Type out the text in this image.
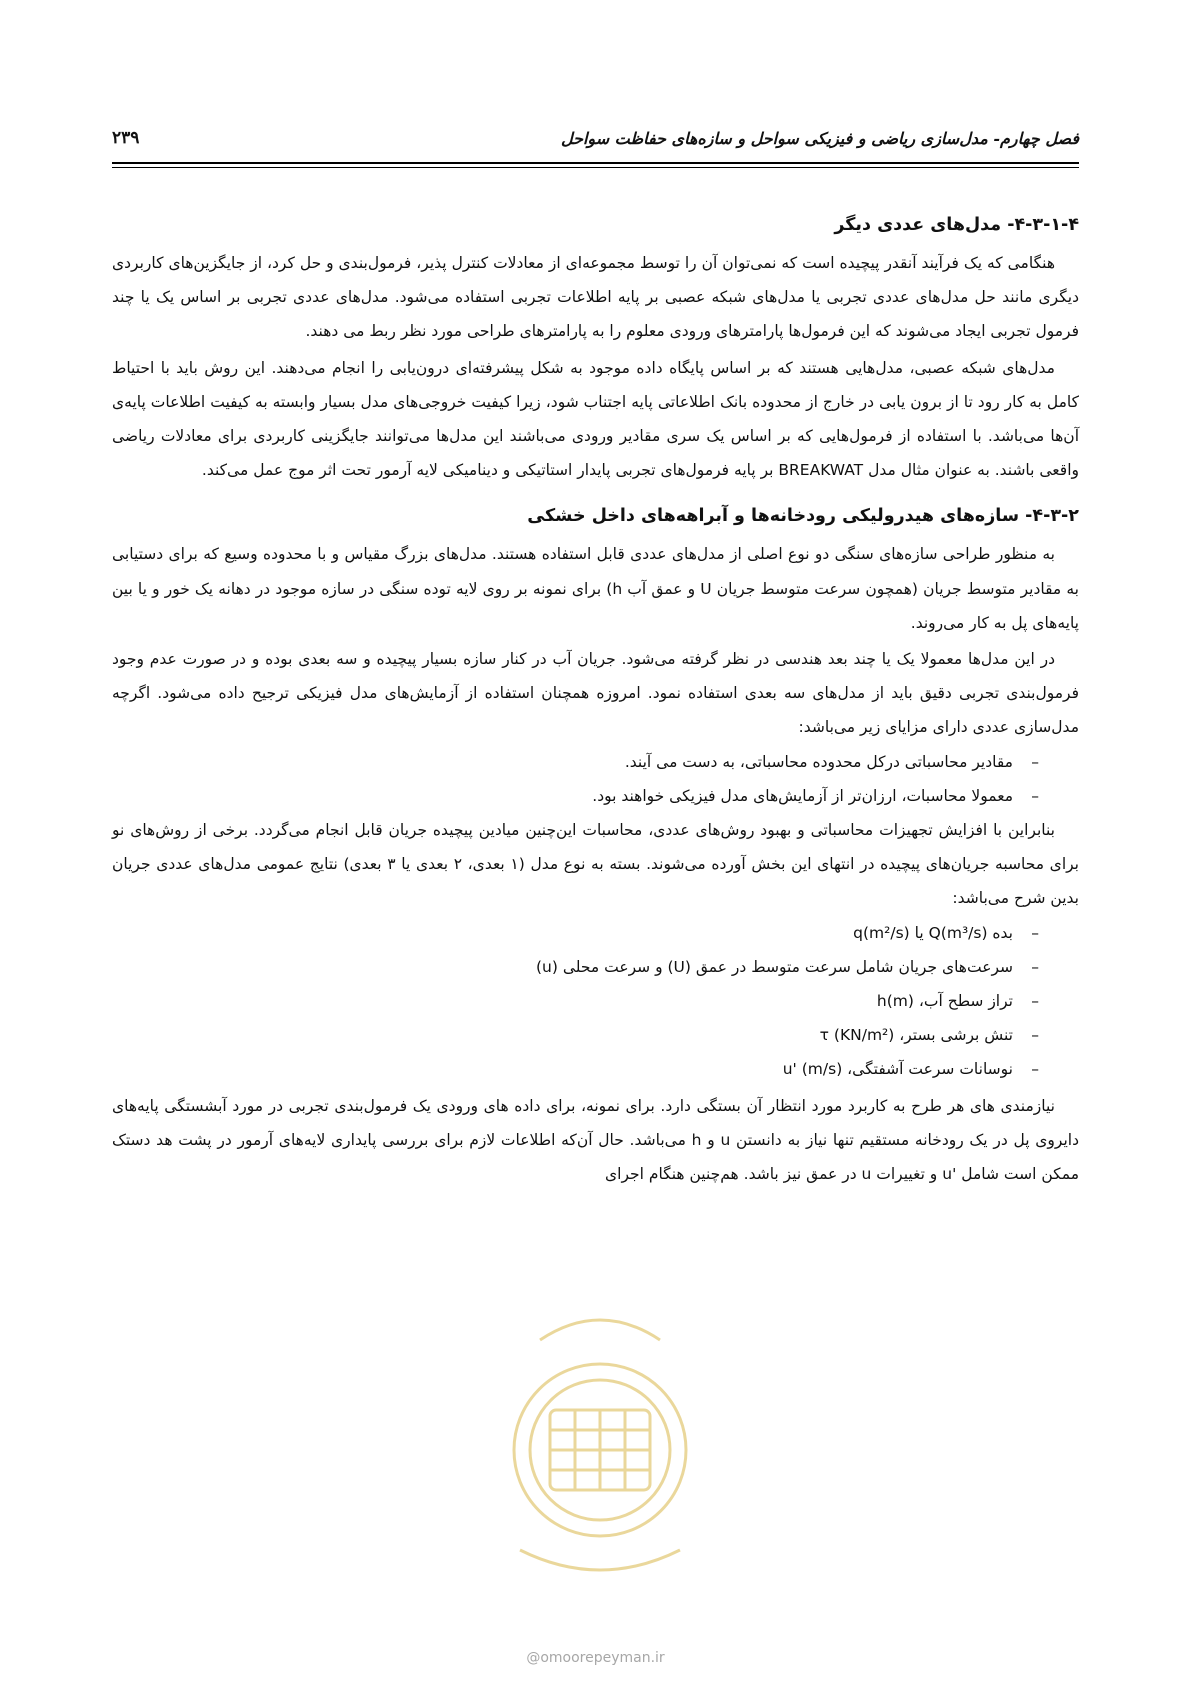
فصل چهارم- مدل‌سازی ریاضی و فیزیکی سواحل و سازه‌های حفاظت سواحل
۲۳۹
۴-۳-۱-۴- مدل‌های عددی دیگر

هنگامی که یک فرآیند آنقدر پیچیده است که نمی‌توان آن را توسط مجموعه‌ای از معادلات کنترل پذیر، فرمول‌بندی و حل کرد، از جایگزین‌های کاربردی دیگری مانند حل مدل‌های عددی تجربی یا مدل‌های شبکه عصبی بر پایه اطلاعات تجربی استفاده می‌شود. مدل‌های عددی تجربی بر اساس یک یا چند فرمول تجربی ایجاد می‌شوند که این فرمول‌ها پارامترهای ورودی معلوم را به پارامترهای طراحی مورد نظر ربط می دهند.

مدل‌های شبکه عصبی، مدل‌هایی هستند که بر اساس پایگاه داده موجود به شکل پیشرفته‌ای درون‌یابی را انجام می‌دهند. این روش باید با احتیاط کامل به کار رود تا از برون یابی در خارج از محدوده بانک اطلاعاتی پایه اجتناب شود، زیرا کیفیت خروجی‌های مدل بسیار وابسته به کیفیت اطلاعات پایه‌ی آن‌ها می‌باشد. با استفاده از فرمول‌هایی که بر اساس یک سری مقادیر ورودی می‌باشند این مدل‌ها می‌توانند جایگزینی کاربردی برای معادلات ریاضی واقعی باشند. به عنوان مثال مدل BREAKWAT بر پایه فرمول‌های تجربی پایدار استاتیکی و دینامیکی لایه آرمور تحت اثر موج عمل می‌کند.

۴-۳-۲- سازه‌های هیدرولیکی رودخانه‌ها و آبراهه‌های داخل خشکی

به منظور طراحی سازه‌های سنگی دو نوع اصلی از مدل‌های عددی قابل استفاده هستند. مدل‌های بزرگ مقیاس و با محدوده وسیع که برای دستیابی به مقادیر متوسط جریان (همچون سرعت متوسط جریان U و عمق آب h) برای نمونه بر روی لایه توده سنگی در سازه موجود در دهانه یک خور و یا بین پایه‌های پل به کار می‌روند.

در این مدل‌ها معمولا یک یا چند بعد هندسی در نظر گرفته می‌شود. جریان آب در کنار سازه بسیار پیچیده و سه بعدی بوده و در صورت عدم وجود فرمول‌بندی تجربی دقیق باید از مدل‌های سه بعدی استفاده نمود. امروزه همچنان استفاده از آزمایش‌های مدل فیزیکی ترجیح داده می‌شود. اگرچه مدل‌سازی عددی دارای مزایای زیر می‌باشد:

–
مقادیر محاسباتی درکل محدوده محاسباتی، به دست می آیند.
–
معمولا محاسبات، ارزان‌تر از آزمایش‌های مدل فیزیکی خواهند بود.

بنابراین با افزایش تجهیزات محاسباتی و بهبود روش‌های عددی، محاسبات این‌چنین میادین پیچیده جریان قابل انجام می‌گردد. برخی از روش‌های نو برای محاسبه جریان‌های پیچیده در انتهای این بخش آورده می‌شوند. بسته به نوع مدل (۱ بعدی، ۲ بعدی یا ۳ بعدی) نتایج عمومی مدل‌های عددی جریان بدین شرح می‌باشد:

–
بده (Q(m³/s یا q(m²/s)
–
سرعت‌های جریان شامل سرعت متوسط در عمق (U) و سرعت محلی (u)
–
تراز سطح آب، h(m)
–
تنش برشی بستر، (τ (KN/m²
–
نوسانات سرعت آشفتگی، (u' (m/s

نیازمندی های هر طرح به کاربرد مورد انتظار آن بستگی دارد. برای نمونه، برای داده های ورودی یک فرمول‌بندی تجربی در مورد آبشستگی پایه‌های دایروی پل در یک رودخانه مستقیم تنها نیاز به دانستن u و h می‌باشد. حال آن‌که اطلاعات لازم برای بررسی پایداری لایه‌های آرمور در پشت هد دستک ممکن است شامل 'u و تغییرات u در عمق نیز باشد. هم‌چنین هنگام اجرای

@omoorepeyman.ir
